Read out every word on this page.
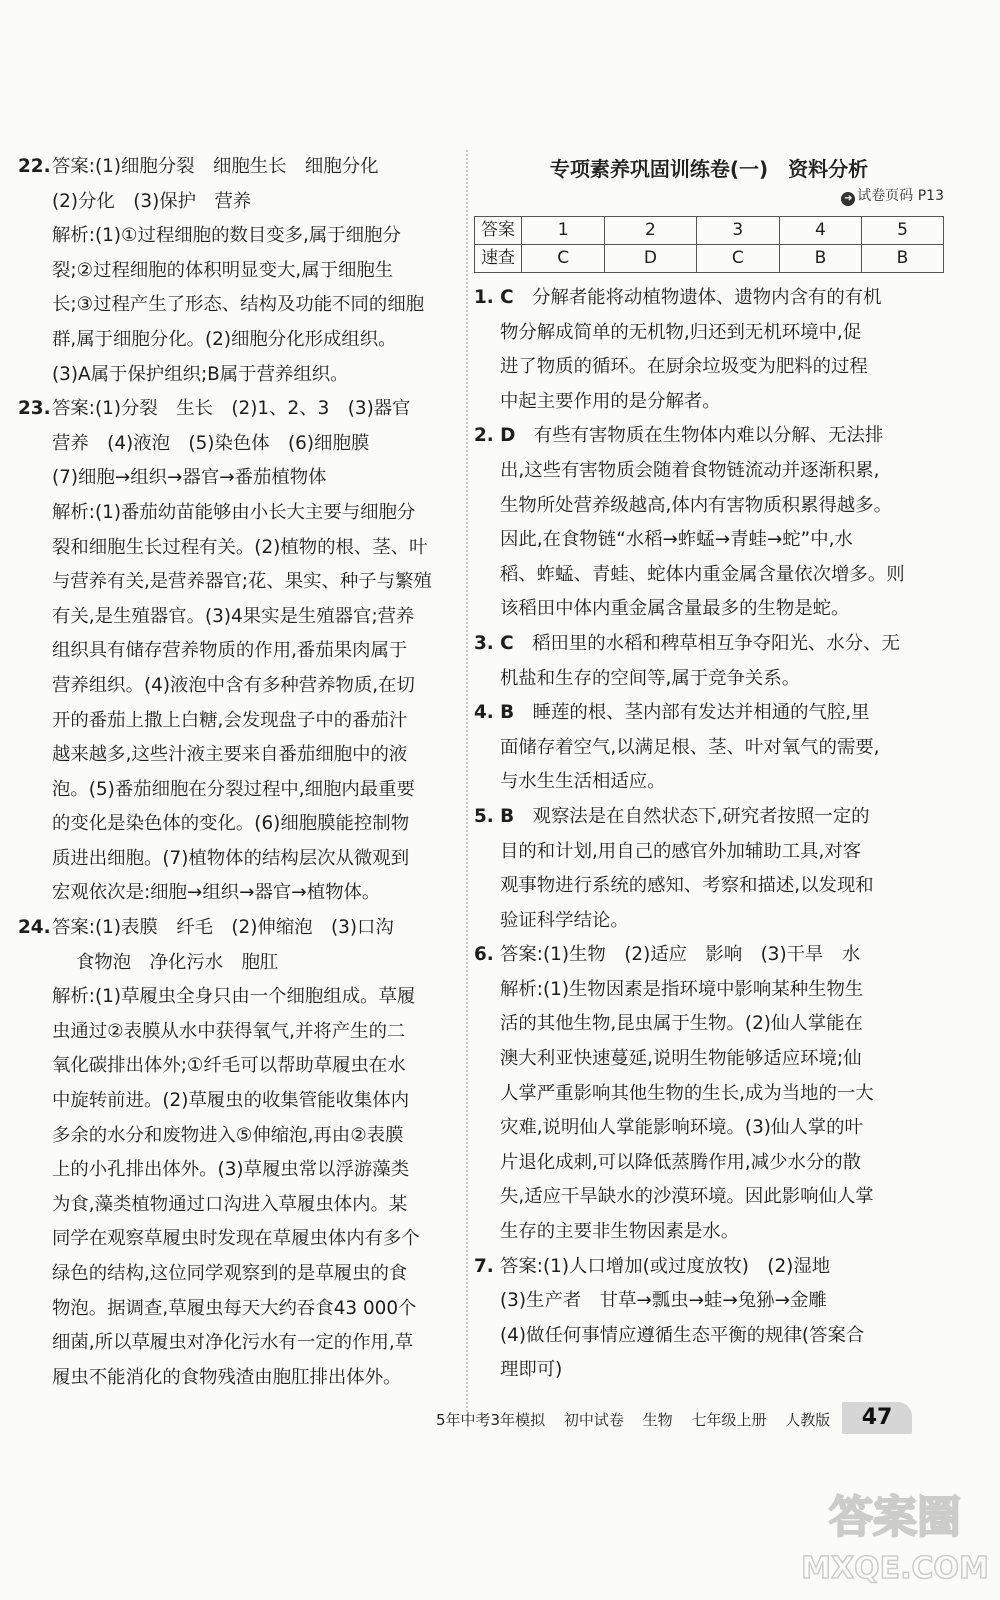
22. 答案:(1)细胞分裂　细胞生长　细胞分化
(2)分化　(3)保护　营养
解析:(1)①过程细胞的数目变多,属于细胞分
裂;②过程细胞的体积明显变大,属于细胞生
长;③过程产生了形态、结构及功能不同的细胞
群,属于细胞分化。(2)细胞分化形成组织。
(3)A属于保护组织;B属于营养组织。
23. 答案:(1)分裂　生长　(2)1、2、3　(3)器官
营养　(4)液泡　(5)染色体　(6)细胞膜
(7)细胞→组织→器官→番茄植物体
解析:(1)番茄幼苗能够由小长大主要与细胞分
裂和细胞生长过程有关。(2)植物的根、茎、叶
与营养有关,是营养器官;花、果实、种子与繁殖
有关,是生殖器官。(3)4果实是生殖器官;营养
组织具有储存营养物质的作用,番茄果肉属于
营养组织。(4)液泡中含有多种营养物质,在切
开的番茄上撒上白糖,会发现盘子中的番茄汁
越来越多,这些汁液主要来自番茄细胞中的液
泡。(5)番茄细胞在分裂过程中,细胞内最重要
的变化是染色体的变化。(6)细胞膜能控制物
质进出细胞。(7)植物体的结构层次从微观到
宏观依次是:细胞→组织→器官→植物体。
24. 答案:(1)表膜　纤毛　(2)伸缩泡　(3)口沟
食物泡　净化污水　胞肛
解析:(1)草履虫全身只由一个细胞组成。草履
虫通过②表膜从水中获得氧气,并将产生的二
氧化碳排出体外;①纤毛可以帮助草履虫在水
中旋转前进。(2)草履虫的收集管能收集体内
多余的水分和废物进入⑤伸缩泡,再由②表膜
上的小孔排出体外。(3)草履虫常以浮游藻类
为食,藻类植物通过口沟进入草履虫体内。某
同学在观察草履虫时发现在草履虫体内有多个
绿色的结构,这位同学观察到的是草履虫的食
物泡。据调查,草履虫每天大约吞食43 000个
细菌,所以草履虫对净化污水有一定的作用,草
履虫不能消化的食物残渣由胞肛排出体外。
专项素养巩固训练卷(一)　资料分析
➜ 试卷页码 P13
答案	1	2	3	4	5
速查	C	D	C	B	B
1. C　 分解者能将动植物遗体、遗物内含有的有机
物分解成简单的无机物,归还到无机环境中,促
进了物质的循环。在厨余垃圾变为肥料的过程
中起主要作用的是分解者。
2. D　 有些有害物质在生物体内难以分解、无法排
出,这些有害物质会随着食物链流动并逐渐积累,
生物所处营养级越高,体内有害物质积累得越多。
因此,在食物链“水稻→蚱蜢→青蛙→蛇”中,水
稻、蚱蜢、青蛙、蛇体内重金属含量依次增多。则
该稻田中体内重金属含量最多的生物是蛇。
3. C　 稻田里的水稻和稗草相互争夺阳光、水分、无
机盐和生存的空间等,属于竞争关系。
4. B　 睡莲的根、茎内部有发达并相通的气腔,里
面储存着空气,以满足根、茎、叶对氧气的需要,
与水生生活相适应。
5. B　 观察法是在自然状态下,研究者按照一定的
目的和计划,用自己的感官外加辅助工具,对客
观事物进行系统的感知、考察和描述,以发现和
验证科学结论。
6. 答案:(1)生物　(2)适应　影响　(3)干旱　水
解析:(1)生物因素是指环境中影响某种生物生
活的其他生物,昆虫属于生物。(2)仙人掌能在
澳大利亚快速蔓延,说明生物能够适应环境;仙
人掌严重影响其他生物的生长,成为当地的一大
灾难,说明仙人掌能影响环境。(3)仙人掌的叶
片退化成刺,可以降低蒸腾作用,减少水分的散
失,适应干旱缺水的沙漠环境。因此影响仙人掌
生存的主要非生物因素是水。
7. 答案:(1)人口增加(或过度放牧)　(2)湿地
(3)生产者　甘草→瓢虫→蛙→兔狲→金雕
(4)做任何事情应遵循生态平衡的规律(答案合
理即可)
5年中考3年模拟 初中试卷 生物 七年级上册 人教版	47
答案圈
MXQE.COM
